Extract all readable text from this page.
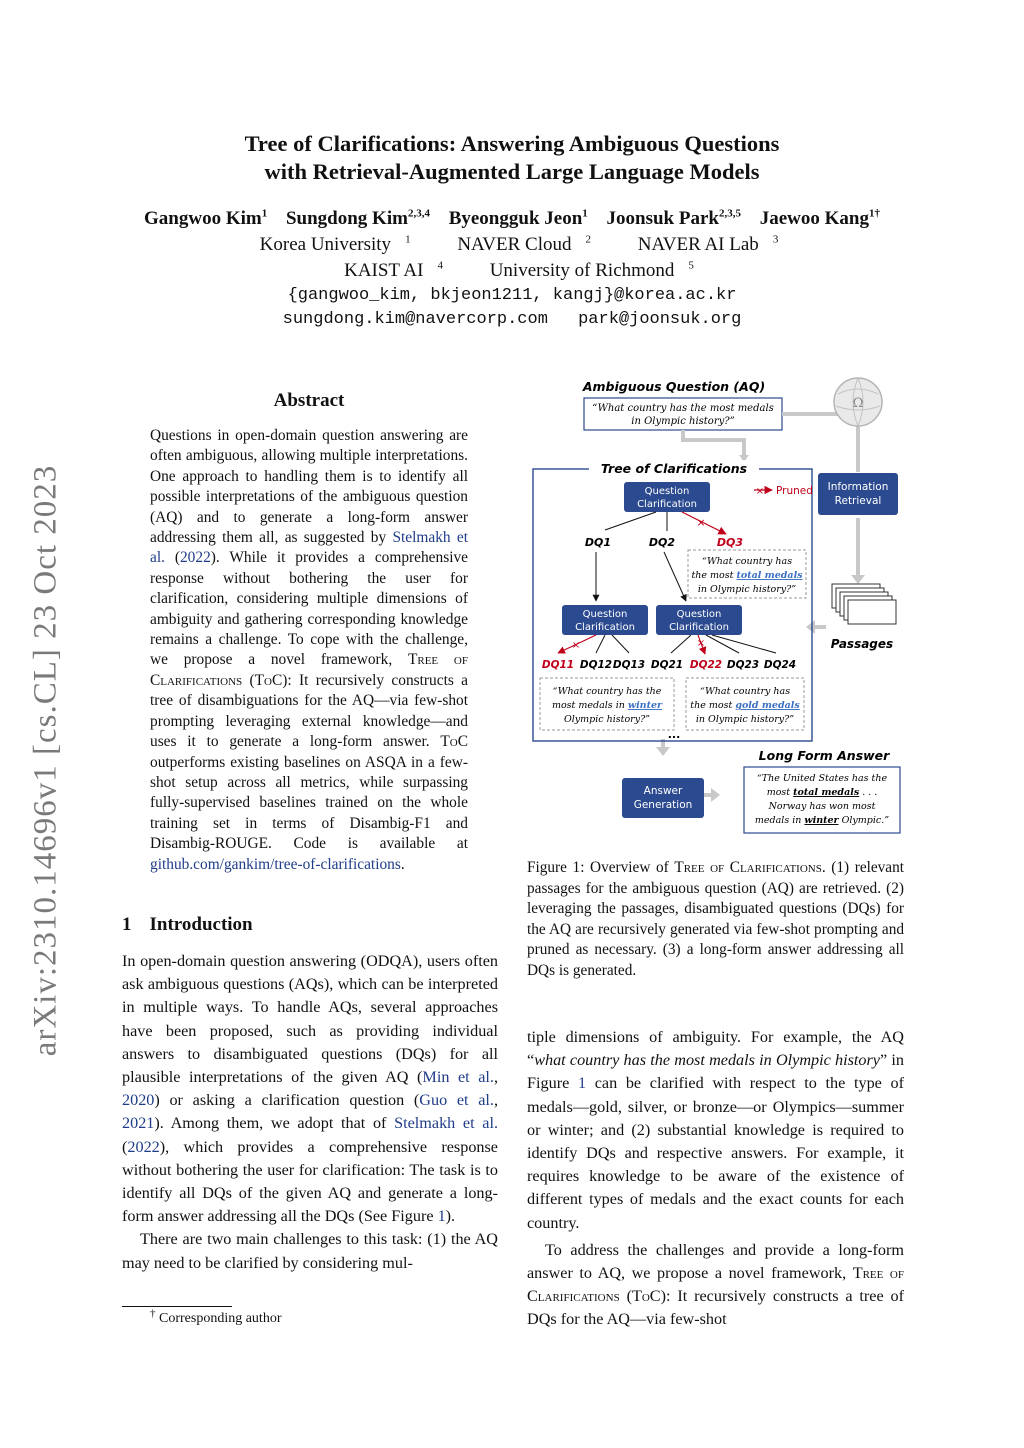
arXiv:2310.14696v1 [cs.CL] 23 Oct 2023
Tree of Clarifications: Answering Ambiguous Questions
with Retrieval-Augmented Large Language Models
Gangwoo Kim$^1$ Sungdong Kim$^{2,3,4}$ Byeongguk Jeon$^1$ Joonsuk Park$^{2,3,5}$ Jaewoo Kang$^{1\dagger}$
Korea University $^1$ NAVER Cloud $^2$ NAVER AI Lab $^3$
KAIST AI $^4$ University of Richmond $^5$
{gangwoo_kim, bkjeon1211, kangj}@korea.ac.kr
sungdong.kim@navercorp.com park@joonsuk.org
Abstract
Questions in open-domain question answering are often ambiguous, allowing multiple interpretations. One approach to handling them is to identify all possible interpretations of the ambiguous question (AQ) and to generate a long-form answer addressing them all, as suggested by Stelmakh et al. (2022). While it provides a comprehensive response without bothering the user for clarification, considering multiple dimensions of ambiguity and gathering corresponding knowledge remains a challenge. To cope with the challenge, we propose a novel framework, Tree of Clarifications (ToC): It recursively constructs a tree of disambiguations for the AQ—via few-shot prompting leveraging external knowledge—and uses it to generate a long-form answer. ToC outperforms existing baselines on ASQA in a few-shot setup across all metrics, while surpassing fully-supervised baselines trained on the whole training set in terms of Disambig-F1 and Disambig-ROUGE. Code is available at github.com/gankim/tree-of-clarifications.
1 Introduction

In open-domain question answering (ODQA), users often ask ambiguous questions (AQs), which can be interpreted in multiple ways. To handle AQs, several approaches have been proposed, such as providing individual answers to disambiguated questions (DQs) for all plausible interpretations of the given AQ (Min et al., 2020) or asking a clarification question (Guo et al., 2021). Among them, we adopt that of Stelmakh et al. (2022), which provides a comprehensive response without bothering the user for clarification: The task is to identify all DQs of the given AQ and generate a long-form answer addressing all the DQs (See Figure 1).

There are two main challenges to this task: (1) the AQ may need to be clarified by considering mul-

† Corresponding author
Ambiguous Question (AQ)
“What country has the most medals
in Olympic history?”
Ω
Tree of Clarifications
Question
Clarification
× Pruned Information
Retrieval
×
DQ1	DQ2	DQ3
“What country has
the most total medals
in Olympic history?”
Question
Clarification
Question
Clarification
×	×
DQ11 DQ12 DQ13 DQ21 DQ22 DQ23 DQ24
“What country has the
most medals in winter
Olympic history?”
“What country has
the most gold medals
in Olympic history?”
...
Passages
Answer
Generation
Long Form Answer
“The United States has the
most total medals . . .
Norway has won most
medals in winter Olympic.”
Figure 1: Overview of Tree of Clarifications. (1) relevant passages for the ambiguous question (AQ) are retrieved. (2) leveraging the passages, disambiguated questions (DQs) for the AQ are recursively generated via few-shot prompting and pruned as necessary. (3) a long-form answer addressing all DQs is generated.

tiple dimensions of ambiguity. For example, the AQ “what country has the most medals in Olympic history” in Figure 1 can be clarified with respect to the type of medals—gold, silver, or bronze—or Olympics—summer or winter; and (2) substantial knowledge is required to identify DQs and respective answers. For example, it requires knowledge to be aware of the existence of different types of medals and the exact counts for each country.

To address the challenges and provide a long-form answer to AQ, we propose a novel framework, Tree of Clarifications (ToC): It recursively constructs a tree of DQs for the AQ—via few-shot
